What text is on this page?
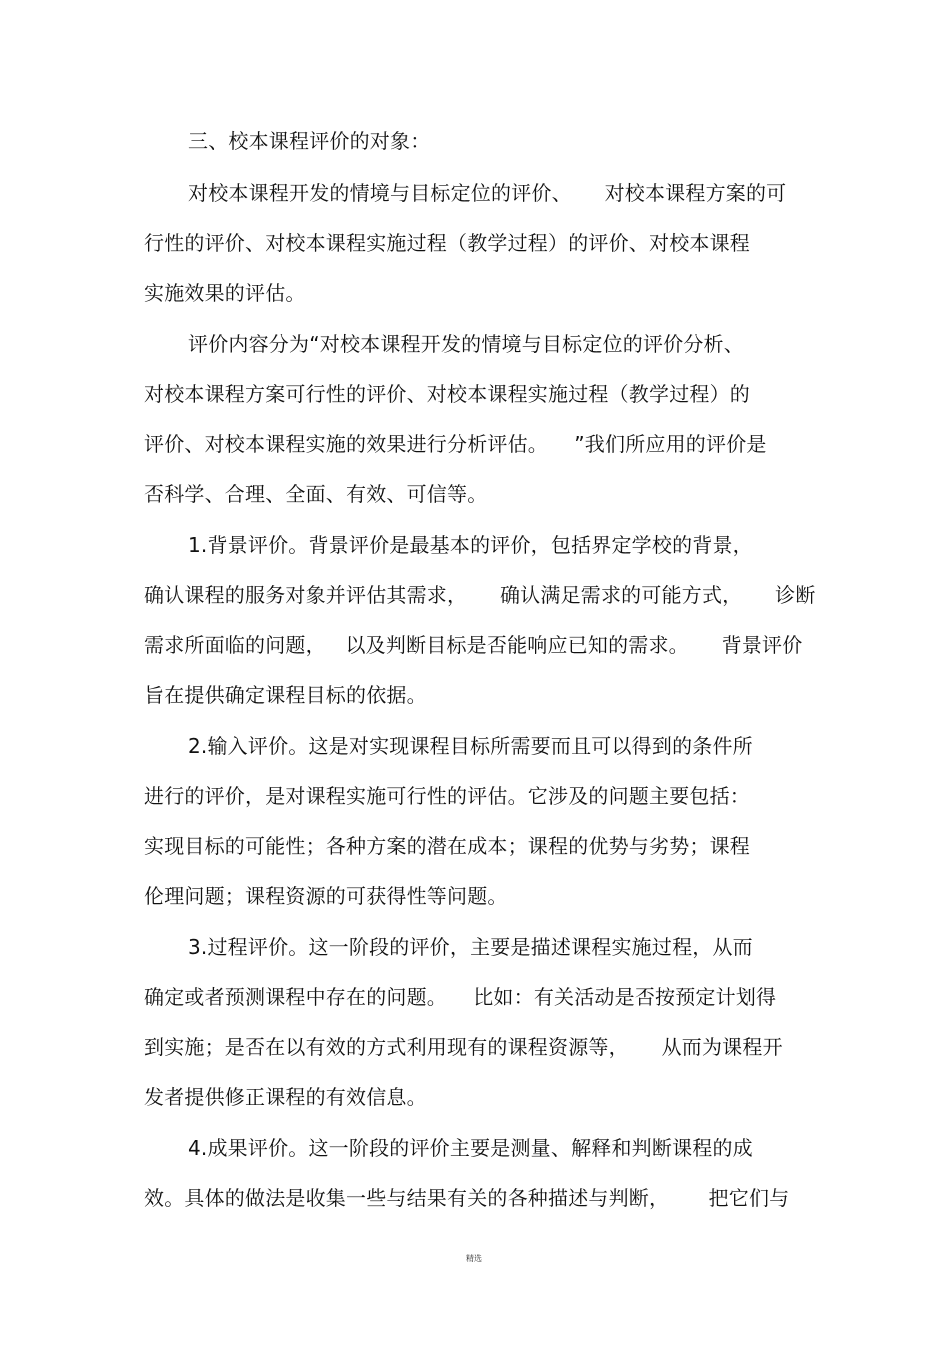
三、校本课程评价的对象：

对校本课程开发的情境与目标定位的评价、     对校本课程方案的可

行性的评价、对校本课程实施过程（教学过程）的评价、对校本课程

实施效果的评估。

评价内容分为“对校本课程开发的情境与目标定位的评价分析、

对校本课程方案可行性的评价、对校本课程实施过程（教学过程）的

评价、对校本课程实施的效果进行分析评估。    ”我们所应用的评价是

否科学、合理、全面、有效、可信等。

1.背景评价。背景评价是最基本的评价，包括界定学校的背景，

确认课程的服务对象并评估其需求，     确认满足需求的可能方式，     诊断

需求所面临的问题，   以及判断目标是否能响应已知的需求。     背景评价

旨在提供确定课程目标的依据。

2.输入评价。这是对实现课程目标所需要而且可以得到的条件所

进行的评价，是对课程实施可行性的评估。它涉及的问题主要包括：

实现目标的可能性；各种方案的潜在成本；课程的优势与劣势；课程

伦理问题；课程资源的可获得性等问题。

3.过程评价。这一阶段的评价，主要是描述课程实施过程，从而

确定或者预测课程中存在的问题。    比如：有关活动是否按预定计划得

到实施；是否在以有效的方式利用现有的课程资源等，     从而为课程开

发者提供修正课程的有效信息。

4.成果评价。这一阶段的评价主要是测量、解释和判断课程的成

效。具体的做法是收集一些与结果有关的各种描述与判断，      把它们与

精选
